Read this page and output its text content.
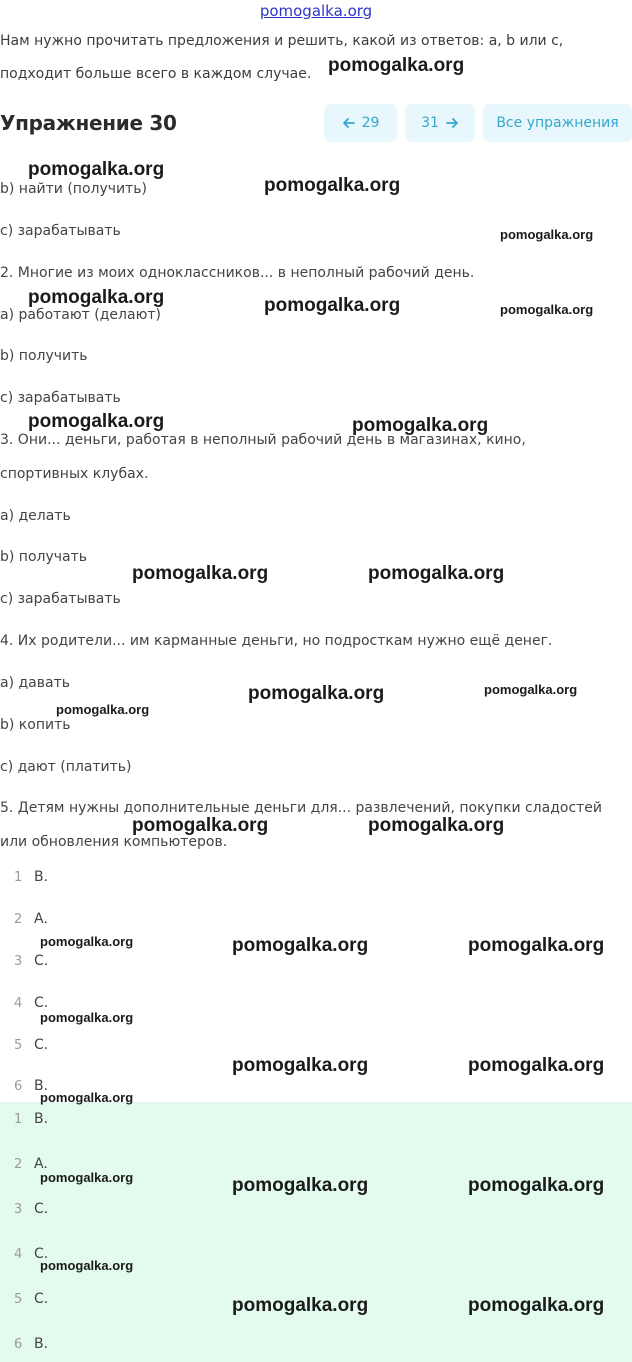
pomogalka.org
Нам нужно прочитать предложения и решить, какой из ответов: a, b или c,
подходит больше всего в каждом случае.
Упражнение 30	29	31	Все упражнения
b) найти (получить)
c) зарабатывать
2. Многие из моих одноклассников... в неполный рабочий день.
a) работают (делают)
b) получить
c) зарабатывать
3. Они... деньги, работая в неполный рабочий день в магазинах, кино,
спортивных клубах.
a) делать
b) получать
c) зарабатывать
4. Их родители... им карманные деньги, но подросткам нужно ещё денег.
a) давать
b) копить
c) дают (платить)
5. Детям нужны дополнительные деньги для... развлечений, покупки сладостей
или обновления компьютеров.
1 B.
2 A.
3 C.
4 C.
5 C.
6 B.
1 B.
2 A.
3 C.
4 C.
5 C.
6 B.
pomogalka.org
pomogalka.org
pomogalka.org
pomogalka.org
pomogalka.org	pomogalka.org	pomogalka.org
pomogalka.org	pomogalka.org
pomogalka.org	pomogalka.org
pomogalka.org	pomogalka.org
pomogalka.org
pomogalka.org	pomogalka.org
pomogalka.org	pomogalka.org	pomogalka.org
pomogalka.org
pomogalka.org	pomogalka.org
pomogalka.org
pomogalka.org	pomogalka.org	pomogalka.org
pomogalka.org
pomogalka.org	pomogalka.org
